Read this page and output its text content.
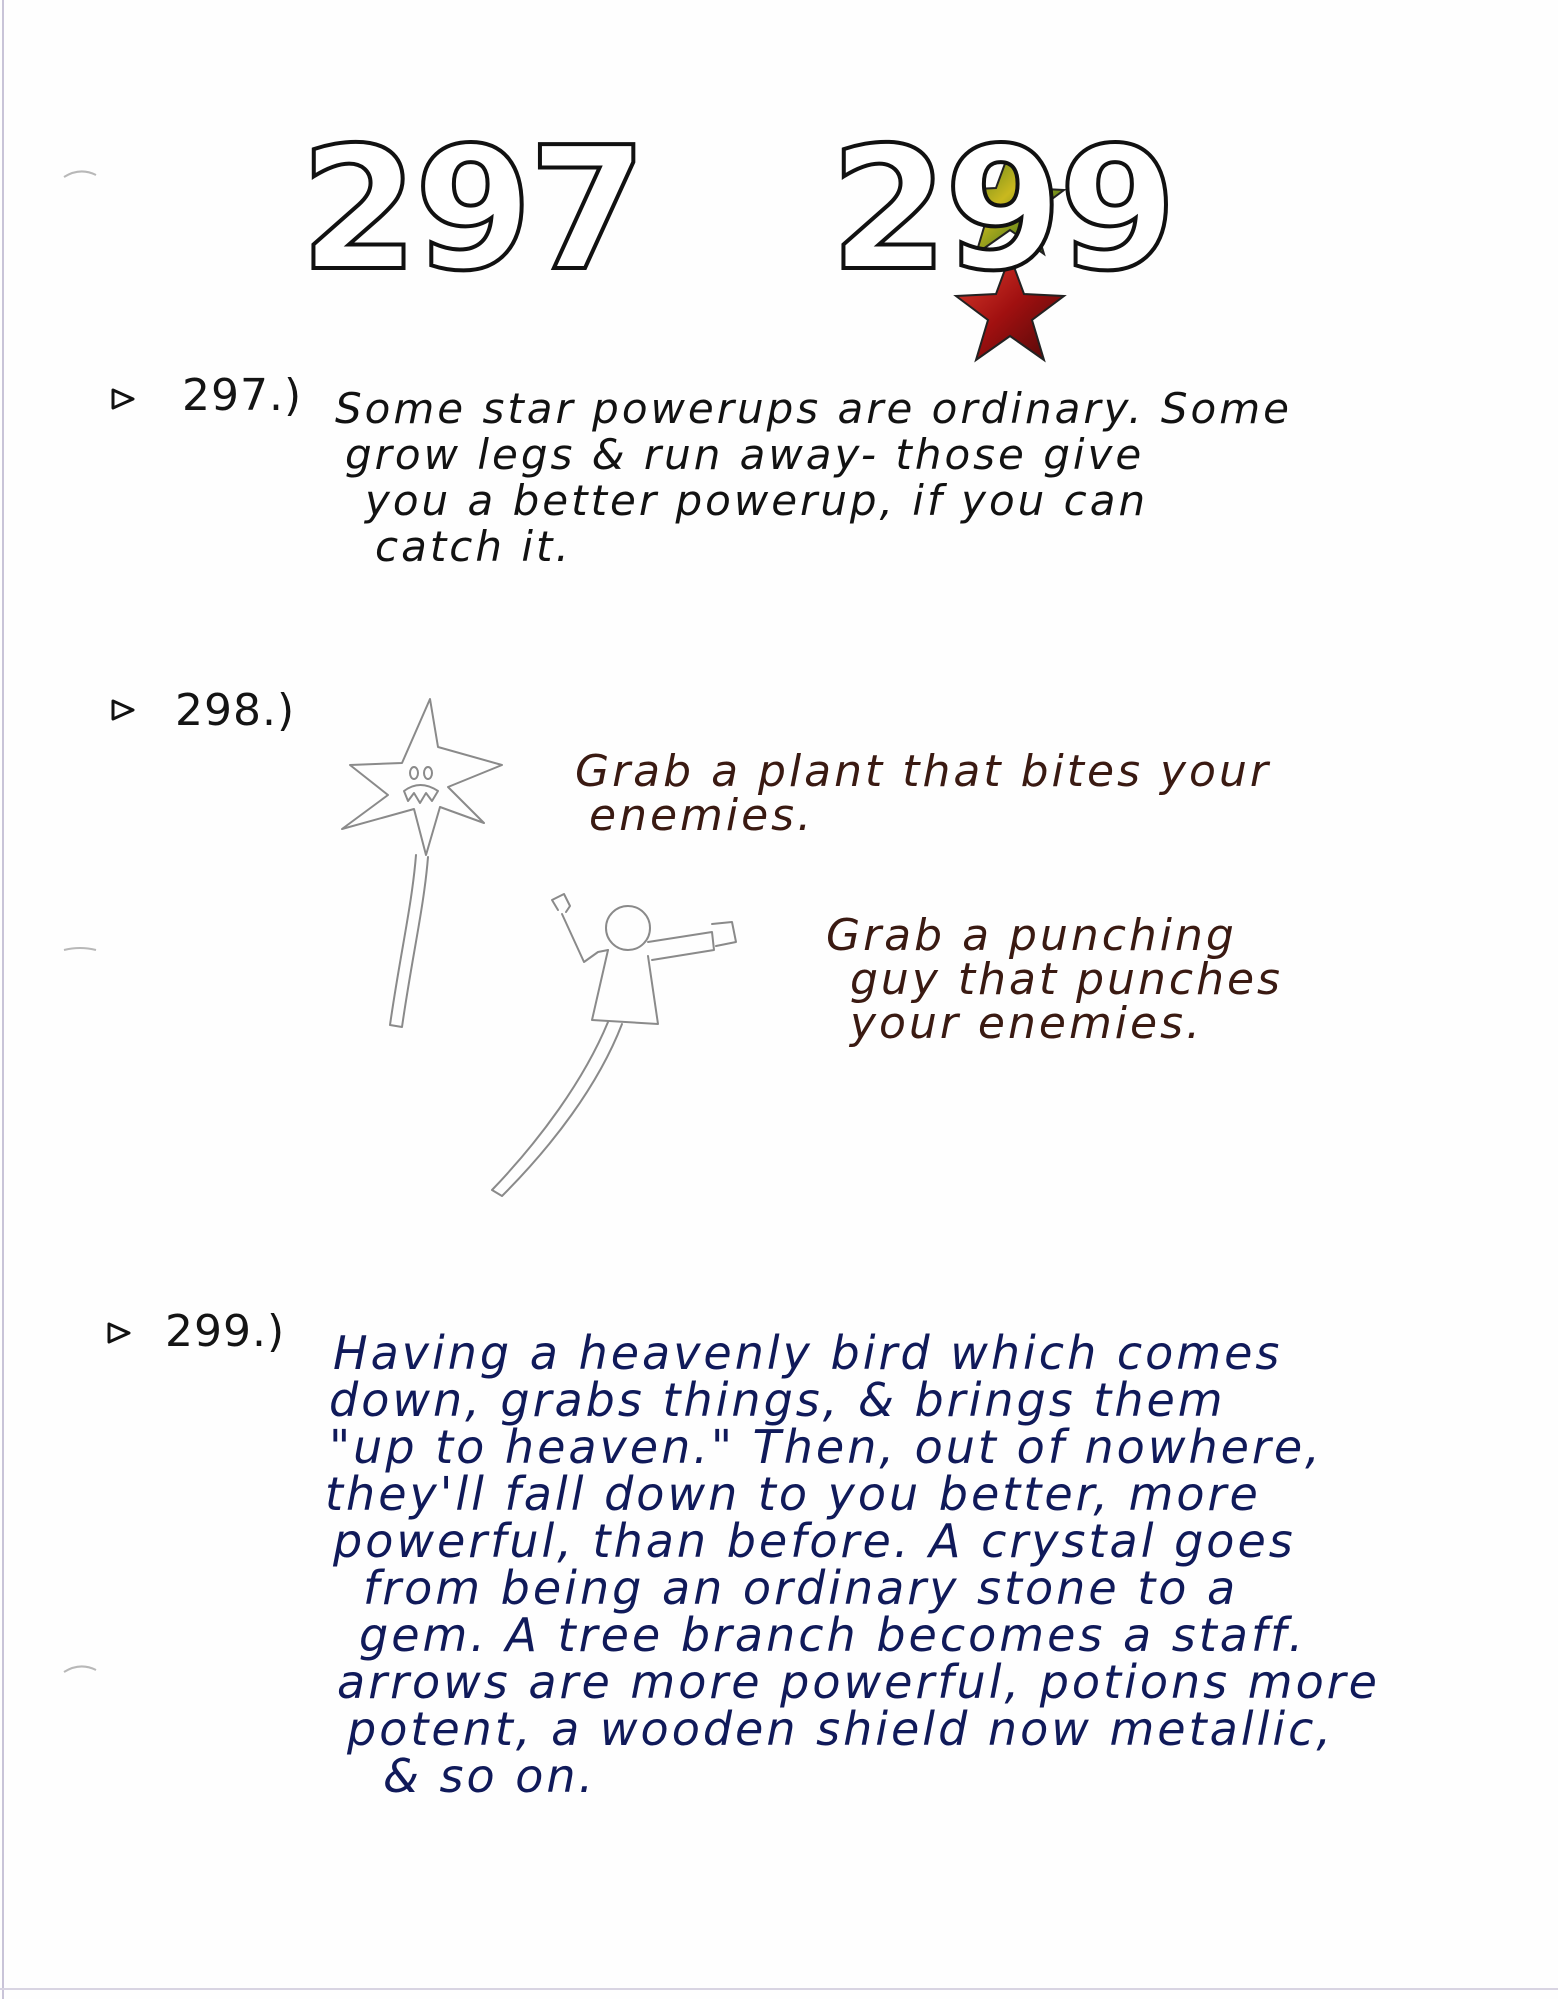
297 299
297.) Some star powerups are ordinary. Some
grow legs & run away- those give
you a better powerup, if you can
catch it.
298.)
Grab a plant that bites your
enemies.
Grab a punching
guy that punches
your enemies.
299.) Having a heavenly bird which comes
down, grabs things, & brings them
"up to heaven." Then, out of nowhere,
they'll fall down to you better, more
powerful, than before. A crystal goes
from being an ordinary stone to a
gem. A tree branch becomes a staff.
arrows are more powerful, potions more
potent, a wooden shield now metallic,
& so on.
